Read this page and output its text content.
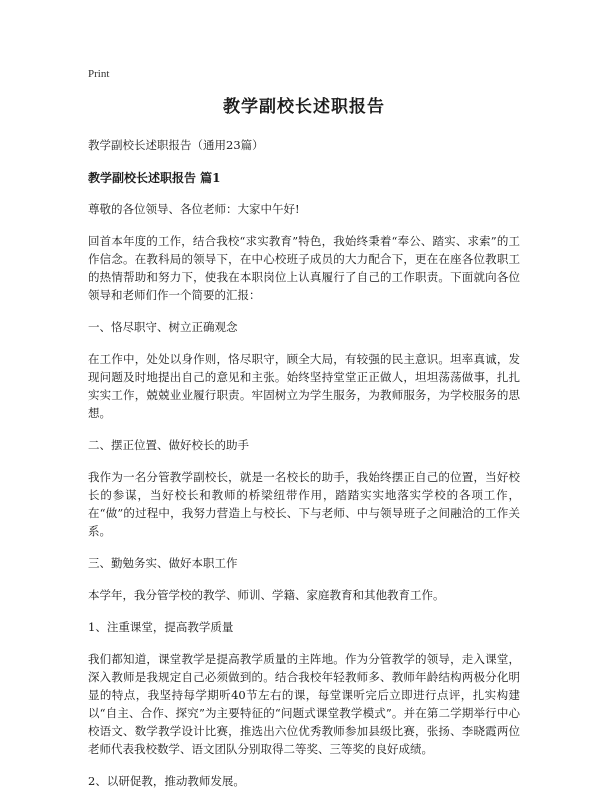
Print
教学副校长述职报告
教学副校长述职报告（通用23篇）
教学副校长述职报告 篇1

尊敬的各位领导、各位老师：大家中午好!

回首本年度的工作，结合我校“求实教育”特色，我始终秉着“奉公、踏实、求索”的工作信念。在教科局的领导下，在中心校班子成员的大力配合下，更在在座各位教职工的热情帮助和努力下，使我在本职岗位上认真履行了自己的工作职责。下面就向各位领导和老师们作一个简要的汇报：

一、恪尽职守、树立正确观念

在工作中，处处以身作则，恪尽职守，顾全大局，有较强的民主意识。坦率真诚，发现问题及时地提出自己的意见和主张。始终坚持堂堂正正做人，坦坦荡荡做事，扎扎实实工作，兢兢业业履行职责。牢固树立为学生服务，为教师服务，为学校服务的思想。

二、摆正位置、做好校长的助手

我作为一名分管教学副校长，就是一名校长的助手，我始终摆正自己的位置，当好校长的参谋，当好校长和教师的桥梁纽带作用，踏踏实实地落实学校的各项工作，在“做”的过程中，我努力营造上与校长、下与老师、中与领导班子之间融洽的工作关系。

三、勤勉务实、做好本职工作

本学年，我分管学校的教学、师训、学籍、家庭教育和其他教育工作。

1、注重课堂，提高教学质量

我们都知道，课堂教学是提高教学质量的主阵地。作为分管教学的领导，走入课堂，深入教师是我规定自己必须做到的。结合我校年轻教师多、教师年龄结构两极分化明显的特点，我坚持每学期听40节左右的课，每堂课听完后立即进行点评，扎实构建以“自主、合作、探究”为主要特征的“问题式课堂教学模式”。并在第二学期举行中心校语文、数学教学设计比赛，推选出六位优秀教师参加县级比赛，张扬、李晓霞两位老师代表我校数学、语文团队分别取得二等奖、三等奖的良好成绩。

2、以研促教，推动教师发展。
